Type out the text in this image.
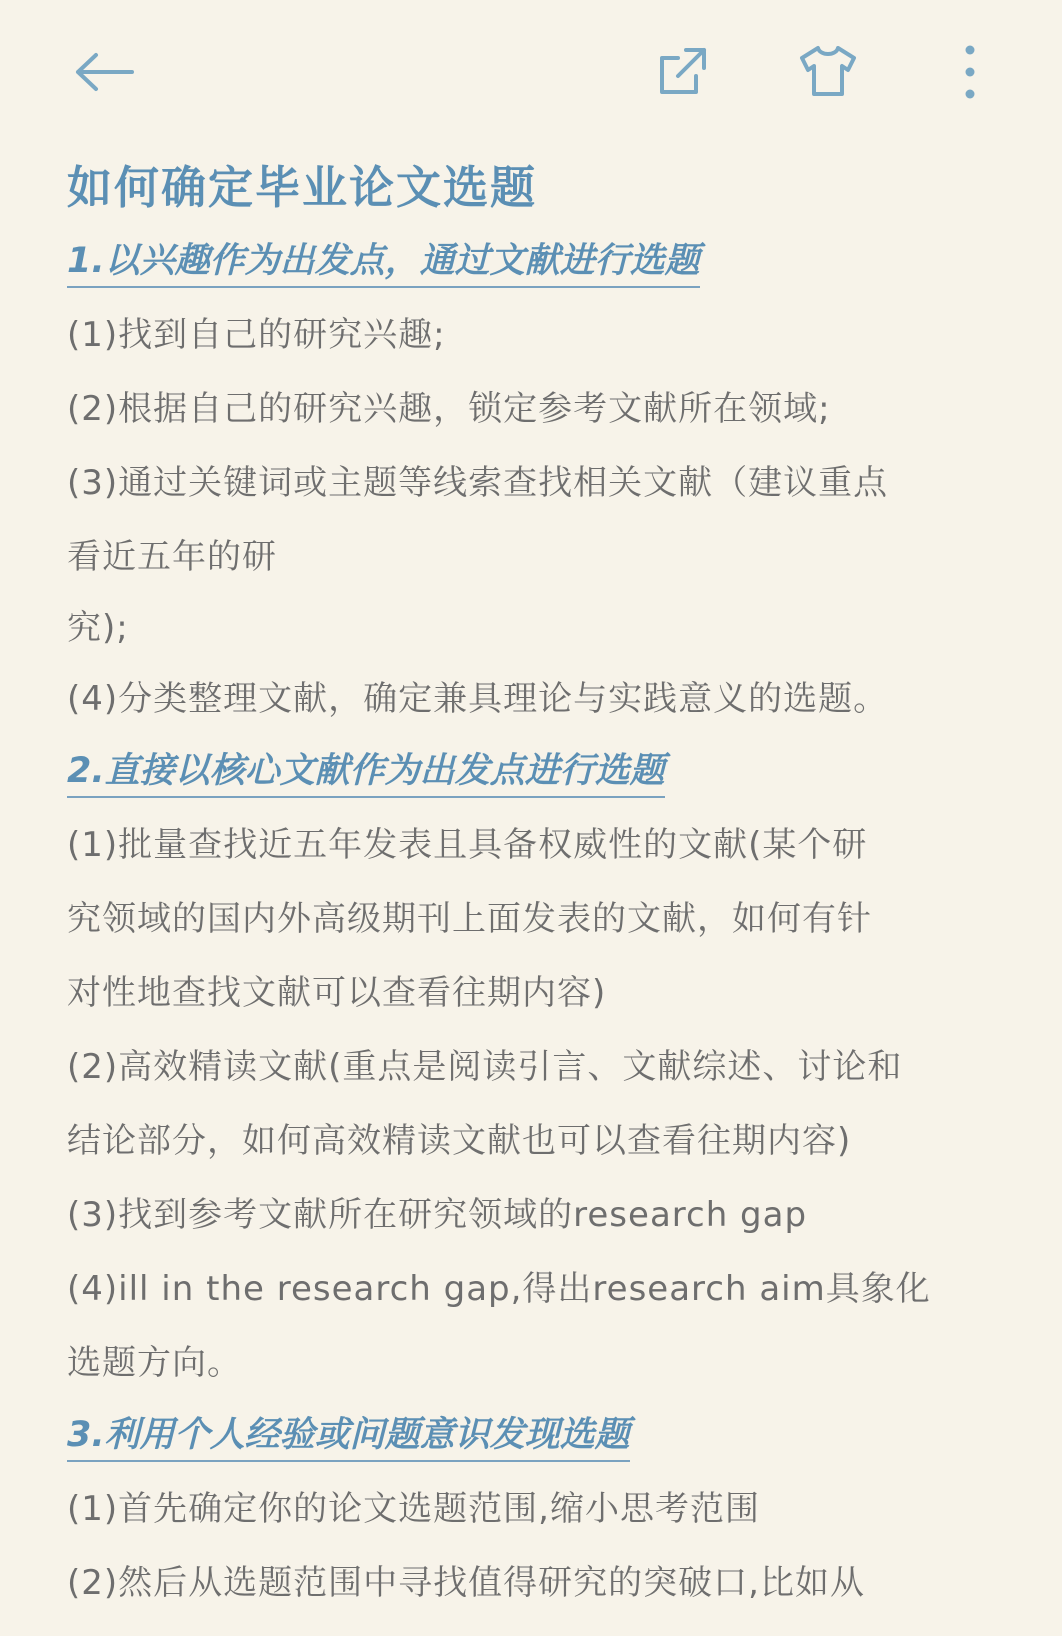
如何确定毕业论文选题
1.以兴趣作为出发点，通过文献进行选题
(1)找到自己的研究兴趣;
(2)根据自己的研究兴趣，锁定参考文献所在领域;
(3)通过关键词或主题等线索查找相关文献（建议重点
看近五年的研
究);
(4)分类整理文献，确定兼具理论与实践意义的选题。
2.直接以核心文献作为出发点进行选题
(1)批量查找近五年发表且具备权威性的文献(某个研
究领域的国内外高级期刊上面发表的文献，如何有针
对性地查找文献可以查看往期内容)
(2)高效精读文献(重点是阅读引言、文献综述、讨论和
结论部分，如何高效精读文献也可以查看往期内容)
(3)找到参考文献所在研究领域的research gap
(4)ill in the research gap,得出research aim具象化
选题方向。
3.利用个人经验或问题意识发现选题
(1)首先确定你的论文选题范围,缩小思考范围
(2)然后从选题范围中寻找值得研究的突破口,比如从
